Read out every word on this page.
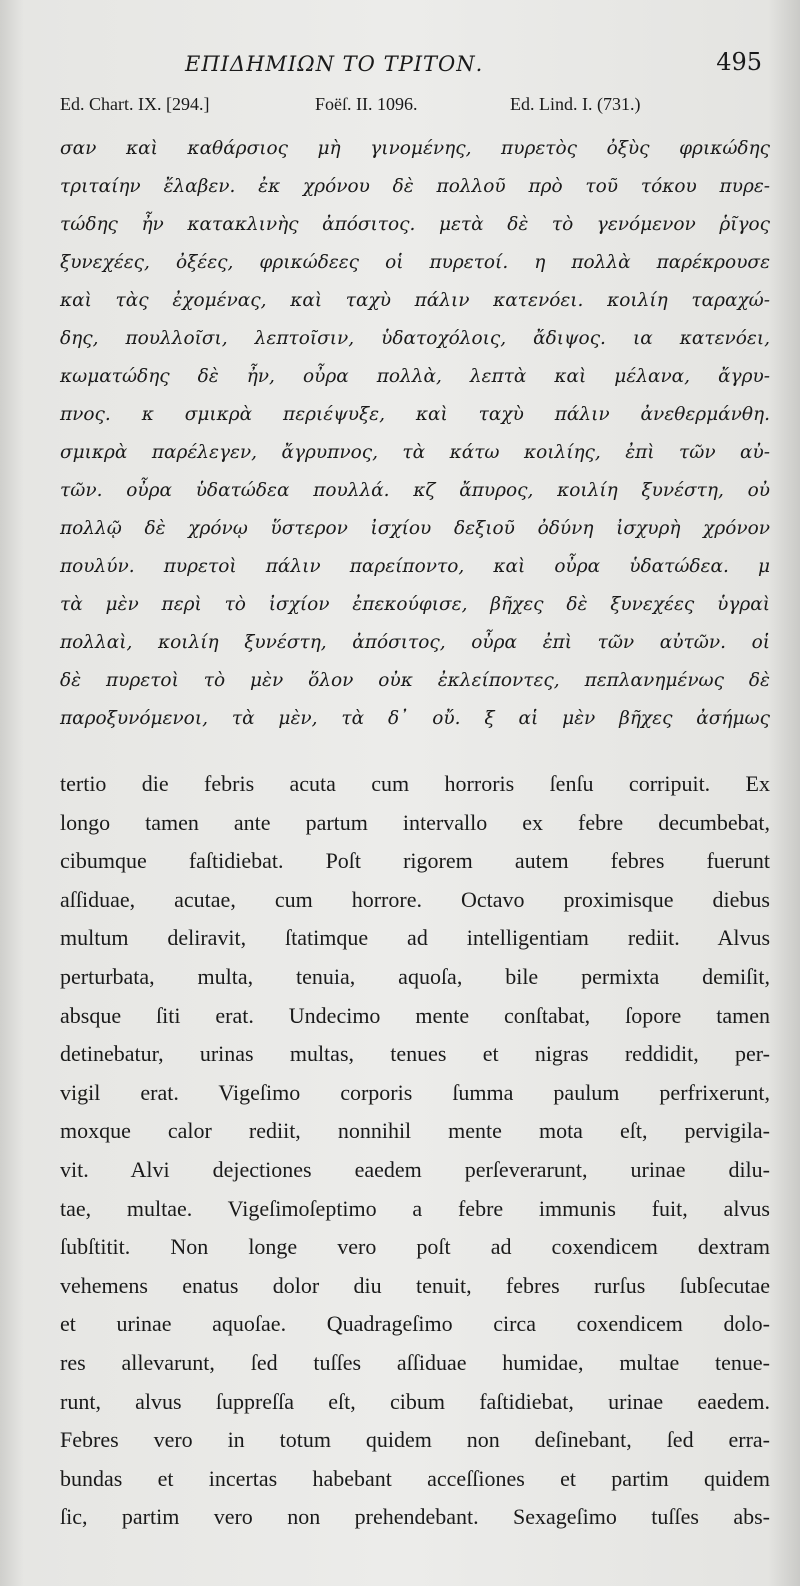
ΕΠΙΔΗΜΙΩΝ ΤΟ ΤΡΙΤΟΝ.	495
Ed. Chart. IX. [294.]	Foëſ. II. 1096.	Ed. Lind. I. (731.)
σαν καὶ καθάρσιος μὴ γινομένης, πυρετὸς ὀξὺς φρικώδης
τριταίην ἔλαβεν. ἐκ χρόνου δὲ πολλοῦ πρὸ τοῦ τόκου πυρε-
τώδης ἦν κατακλινὴς ἀπόσιτος. μετὰ δὲ τὸ γενόμενον ῥῖγος
ξυνεχέες, ὀξέες, φρικώδεες οἱ πυρετοί. η πολλὰ παρέκρουσε
καὶ τὰς ἐχομένας, καὶ ταχὺ πάλιν κατενόει. κοιλίη ταραχώ-
δης, πουλλοῖσι, λεπτοῖσιν, ὑδατοχόλοις, ἄδιψος. ια κατενόει,
κωματώδης δὲ ἦν, οὖρα πολλὰ, λεπτὰ καὶ μέλανα, ἄγρυ-
πνος. κ σμικρὰ περιέψυξε, καὶ ταχὺ πάλιν ἀνεθερμάνθη.
σμικρὰ παρέλεγεν, ἄγρυπνος, τὰ κάτω κοιλίης, ἐπὶ τῶν αὐ-
τῶν. οὖρα ὑδατώδεα πουλλά. κζ ἄπυρος, κοιλίη ξυνέστη, οὐ
πολλῷ δὲ χρόνῳ ὕστερον ἰσχίου δεξιοῦ ὀδύνη ἰσχυρὴ χρόνον
πουλύν. πυρετοὶ πάλιν παρείποντο, καὶ οὖρα ὑδατώδεα. μ
τὰ μὲν περὶ τὸ ἰσχίον ἐπεκούφισε, βῆχες δὲ ξυνεχέες ὑγραὶ
πολλαὶ, κοιλίη ξυνέστη, ἀπόσιτος, οὖρα ἐπὶ τῶν αὐτῶν. οἱ
δὲ πυρετοὶ τὸ μὲν ὅλον οὐκ ἐκλείποντες, πεπλανημένως δὲ
παροξυνόμενοι, τὰ μὲν, τὰ δ᾽ οὔ. ξ αἱ μὲν βῆχες ἀσήμως
tertio die febris acuta cum horroris ſenſu corripuit. Ex
longo tamen ante partum intervallo ex febre decumbebat,
cibumque faſtidiebat. Poſt rigorem autem febres fuerunt
aſſiduae, acutae, cum horrore. Octavo proximisque diebus
multum deliravit, ſtatimque ad intelligentiam rediit. Alvus
perturbata, multa, tenuia, aquoſa, bile permixta demiſit,
absque ſiti erat. Undecimo mente conſtabat, ſopore tamen
detinebatur, urinas multas, tenues et nigras reddidit, per-
vigil erat. Vigeſimo corporis ſumma paulum perfrixerunt,
moxque calor rediit, nonnihil mente mota eſt, pervigila-
vit. Alvi dejectiones eaedem perſeverarunt, urinae dilu-
tae, multae. Vigeſimoſeptimo a febre immunis fuit, alvus
ſubſtitit. Non longe vero poſt ad coxendicem dextram
vehemens enatus dolor diu tenuit, febres rurſus ſubſecutae
et urinae aquoſae. Quadrageſimo circa coxendicem dolo-
res allevarunt, ſed tuſſes aſſiduae humidae, multae tenue-
runt, alvus ſuppreſſa eſt, cibum faſtidiebat, urinae eaedem.
Febres vero in totum quidem non deſinebant, ſed erra-
bundas et incertas habebant acceſſiones et partim quidem
ſic, partim vero non prehendebant. Sexageſimo tuſſes abs-
